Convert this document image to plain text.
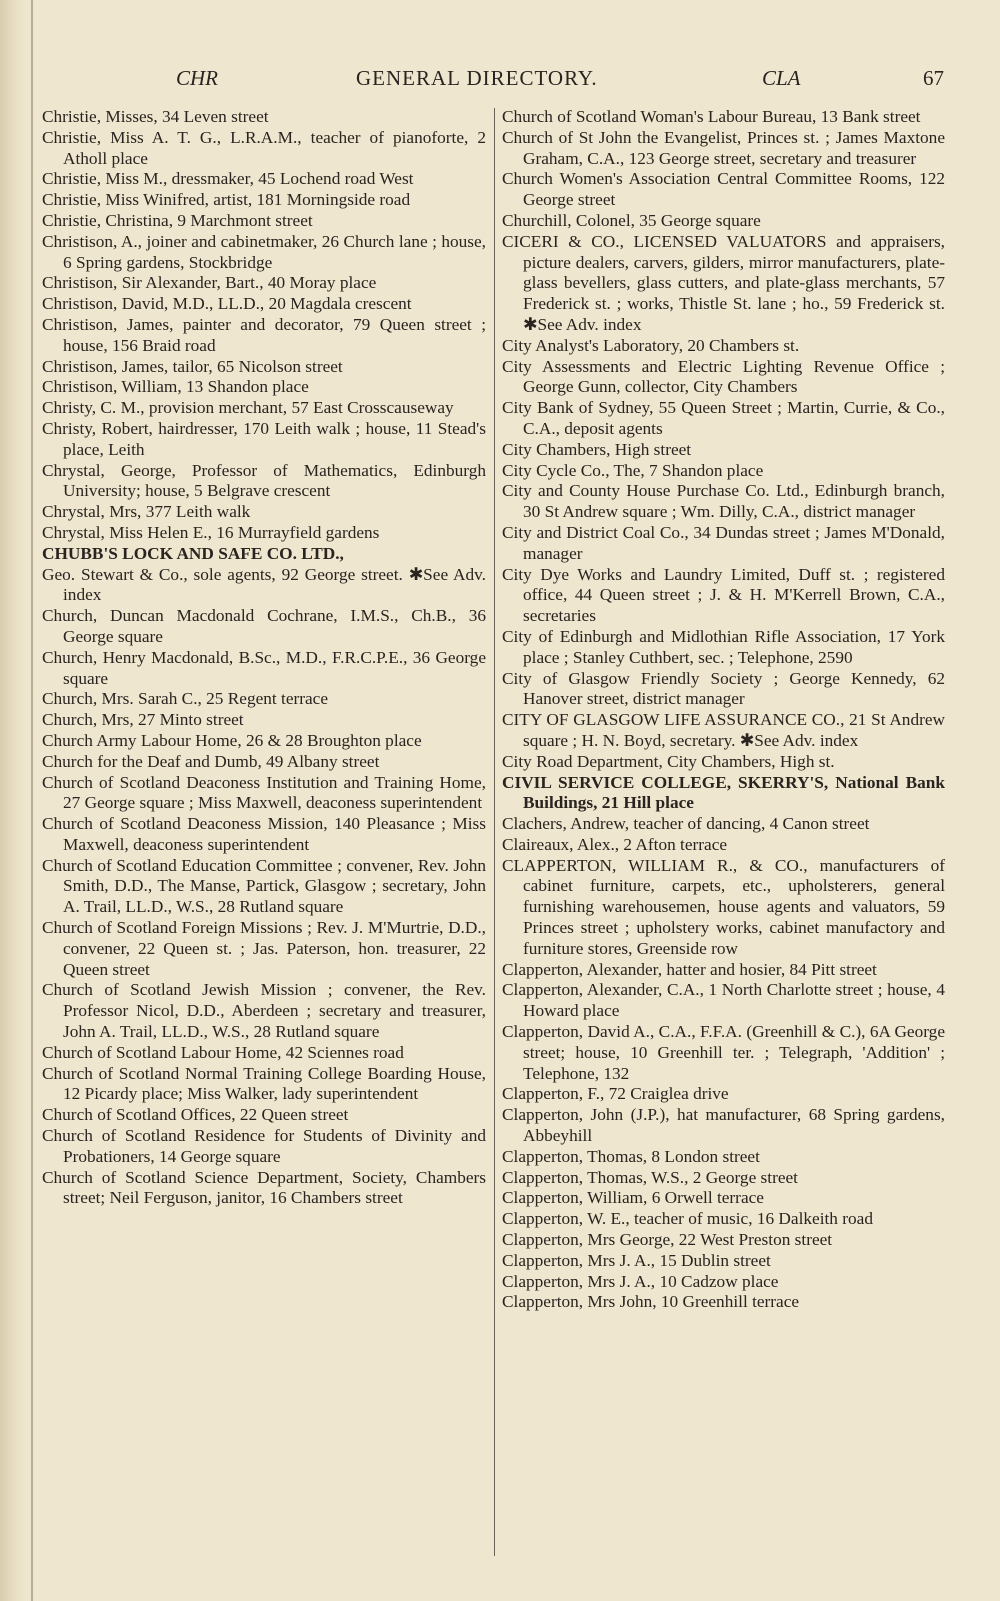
CHR	GENERAL DIRECTORY.	CLA	67
Christie, Misses, 34 Leven street
Christie, Miss A. T. G., L.R.A.M., teacher of pianoforte, 2 Atholl place
Christie, Miss M., dressmaker, 45 Lochend road West
Christie, Miss Winifred, artist, 181 Morningside road
Christie, Christina, 9 Marchmont street
Christison, A., joiner and cabinetmaker, 26 Church lane ; house, 6 Spring gardens, Stockbridge
Christison, Sir Alexander, Bart., 40 Moray place
Christison, David, M.D., LL.D., 20 Magdala crescent
Christison, James, painter and decorator, 79 Queen street ; house, 156 Braid road
Christison, James, tailor, 65 Nicolson street
Christison, William, 13 Shandon place
Christy, C. M., provision merchant, 57 East Crosscauseway
Christy, Robert, hairdresser, 170 Leith walk ; house, 11 Stead's place, Leith
Chrystal, George, Professor of Mathematics, Edinburgh University; house, 5 Belgrave crescent
Chrystal, Mrs, 377 Leith walk
Chrystal, Miss Helen E., 16 Murrayfield gardens
CHUBB'S LOCK AND SAFE CO. LTD.,
Geo. Stewart & Co., sole agents, 92 George street. ✱See Adv. index
Church, Duncan Macdonald Cochrane, I.M.S., Ch.B., 36 George square
Church, Henry Macdonald, B.Sc., M.D., F.R.C.P.E., 36 George square
Church, Mrs. Sarah C., 25 Regent terrace
Church, Mrs, 27 Minto street
Church Army Labour Home, 26 & 28 Broughton place
Church for the Deaf and Dumb, 49 Albany street
Church of Scotland Deaconess Institution and Training Home, 27 George square ; Miss Maxwell, deaconess superintendent
Church of Scotland Deaconess Mission, 140 Pleasance ; Miss Maxwell, deaconess superintendent
Church of Scotland Education Committee ; convener, Rev. John Smith, D.D., The Manse, Partick, Glasgow ; secretary, John A. Trail, LL.D., W.S., 28 Rutland square
Church of Scotland Foreign Missions ; Rev. J. M'Murtrie, D.D., convener, 22 Queen st. ; Jas. Paterson, hon. treasurer, 22 Queen street
Church of Scotland Jewish Mission ; convener, the Rev. Professor Nicol, D.D., Aberdeen ; secretary and treasurer, John A. Trail, LL.D., W.S., 28 Rutland square
Church of Scotland Labour Home, 42 Sciennes road
Church of Scotland Normal Training College Boarding House, 12 Picardy place; Miss Walker, lady superintendent
Church of Scotland Offices, 22 Queen street
Church of Scotland Residence for Students of Divinity and Probationers, 14 George square
Church of Scotland Science Department, Society, Chambers street; Neil Ferguson, janitor, 16 Chambers street
Church of Scotland Woman's Labour Bureau, 13 Bank street
Church of St John the Evangelist, Princes st. ; James Maxtone Graham, C.A., 123 George street, secretary and treasurer
Church Women's Association Central Committee Rooms, 122 George street
Churchill, Colonel, 35 George square
CICERI & CO., LICENSED VALUATORS and appraisers, picture dealers, carvers, gilders, mirror manufacturers, plate-glass bevellers, glass cutters, and plate-glass merchants, 57 Frederick st. ; works, Thistle St. lane ; ho., 59 Frederick st. ✱See Adv. index
City Analyst's Laboratory, 20 Chambers st.
City Assessments and Electric Lighting Revenue Office ; George Gunn, collector, City Chambers
City Bank of Sydney, 55 Queen Street ; Martin, Currie, & Co., C.A., deposit agents
City Chambers, High street
City Cycle Co., The, 7 Shandon place
City and County House Purchase Co. Ltd., Edinburgh branch, 30 St Andrew square ; Wm. Dilly, C.A., district manager
City and District Coal Co., 34 Dundas street ; James M'Donald, manager
City Dye Works and Laundry Limited, Duff st. ; registered office, 44 Queen street ; J. & H. M'Kerrell Brown, C.A., secretaries
City of Edinburgh and Midlothian Rifle Association, 17 York place ; Stanley Cuthbert, sec. ; Telephone, 2590
City of Glasgow Friendly Society ; George Kennedy, 62 Hanover street, district manager
CITY OF GLASGOW LIFE ASSURANCE CO., 21 St Andrew square ; H. N. Boyd, secretary. ✱See Adv. index
City Road Department, City Chambers, High st.
CIVIL SERVICE COLLEGE, SKERRY'S, National Bank Buildings, 21 Hill place
Clachers, Andrew, teacher of dancing, 4 Canon street
Claireaux, Alex., 2 Afton terrace
CLAPPERTON, WILLIAM R., & CO., manufacturers of cabinet furniture, carpets, etc., upholsterers, general furnishing warehousemen, house agents and valuators, 59 Princes street ; upholstery works, cabinet manufactory and furniture stores, Greenside row
Clapperton, Alexander, hatter and hosier, 84 Pitt street
Clapperton, Alexander, C.A., 1 North Charlotte street ; house, 4 Howard place
Clapperton, David A., C.A., F.F.A. (Greenhill & C.), 6A George street; house, 10 Greenhill ter. ; Telegraph, 'Addition' ; Telephone, 132
Clapperton, F., 72 Craiglea drive
Clapperton, John (J.P.), hat manufacturer, 68 Spring gardens, Abbeyhill
Clapperton, Thomas, 8 London street
Clapperton, Thomas, W.S., 2 George street
Clapperton, William, 6 Orwell terrace
Clapperton, W. E., teacher of music, 16 Dalkeith road
Clapperton, Mrs George, 22 West Preston street
Clapperton, Mrs J. A., 15 Dublin street
Clapperton, Mrs J. A., 10 Cadzow place
Clapperton, Mrs John, 10 Greenhill terrace
